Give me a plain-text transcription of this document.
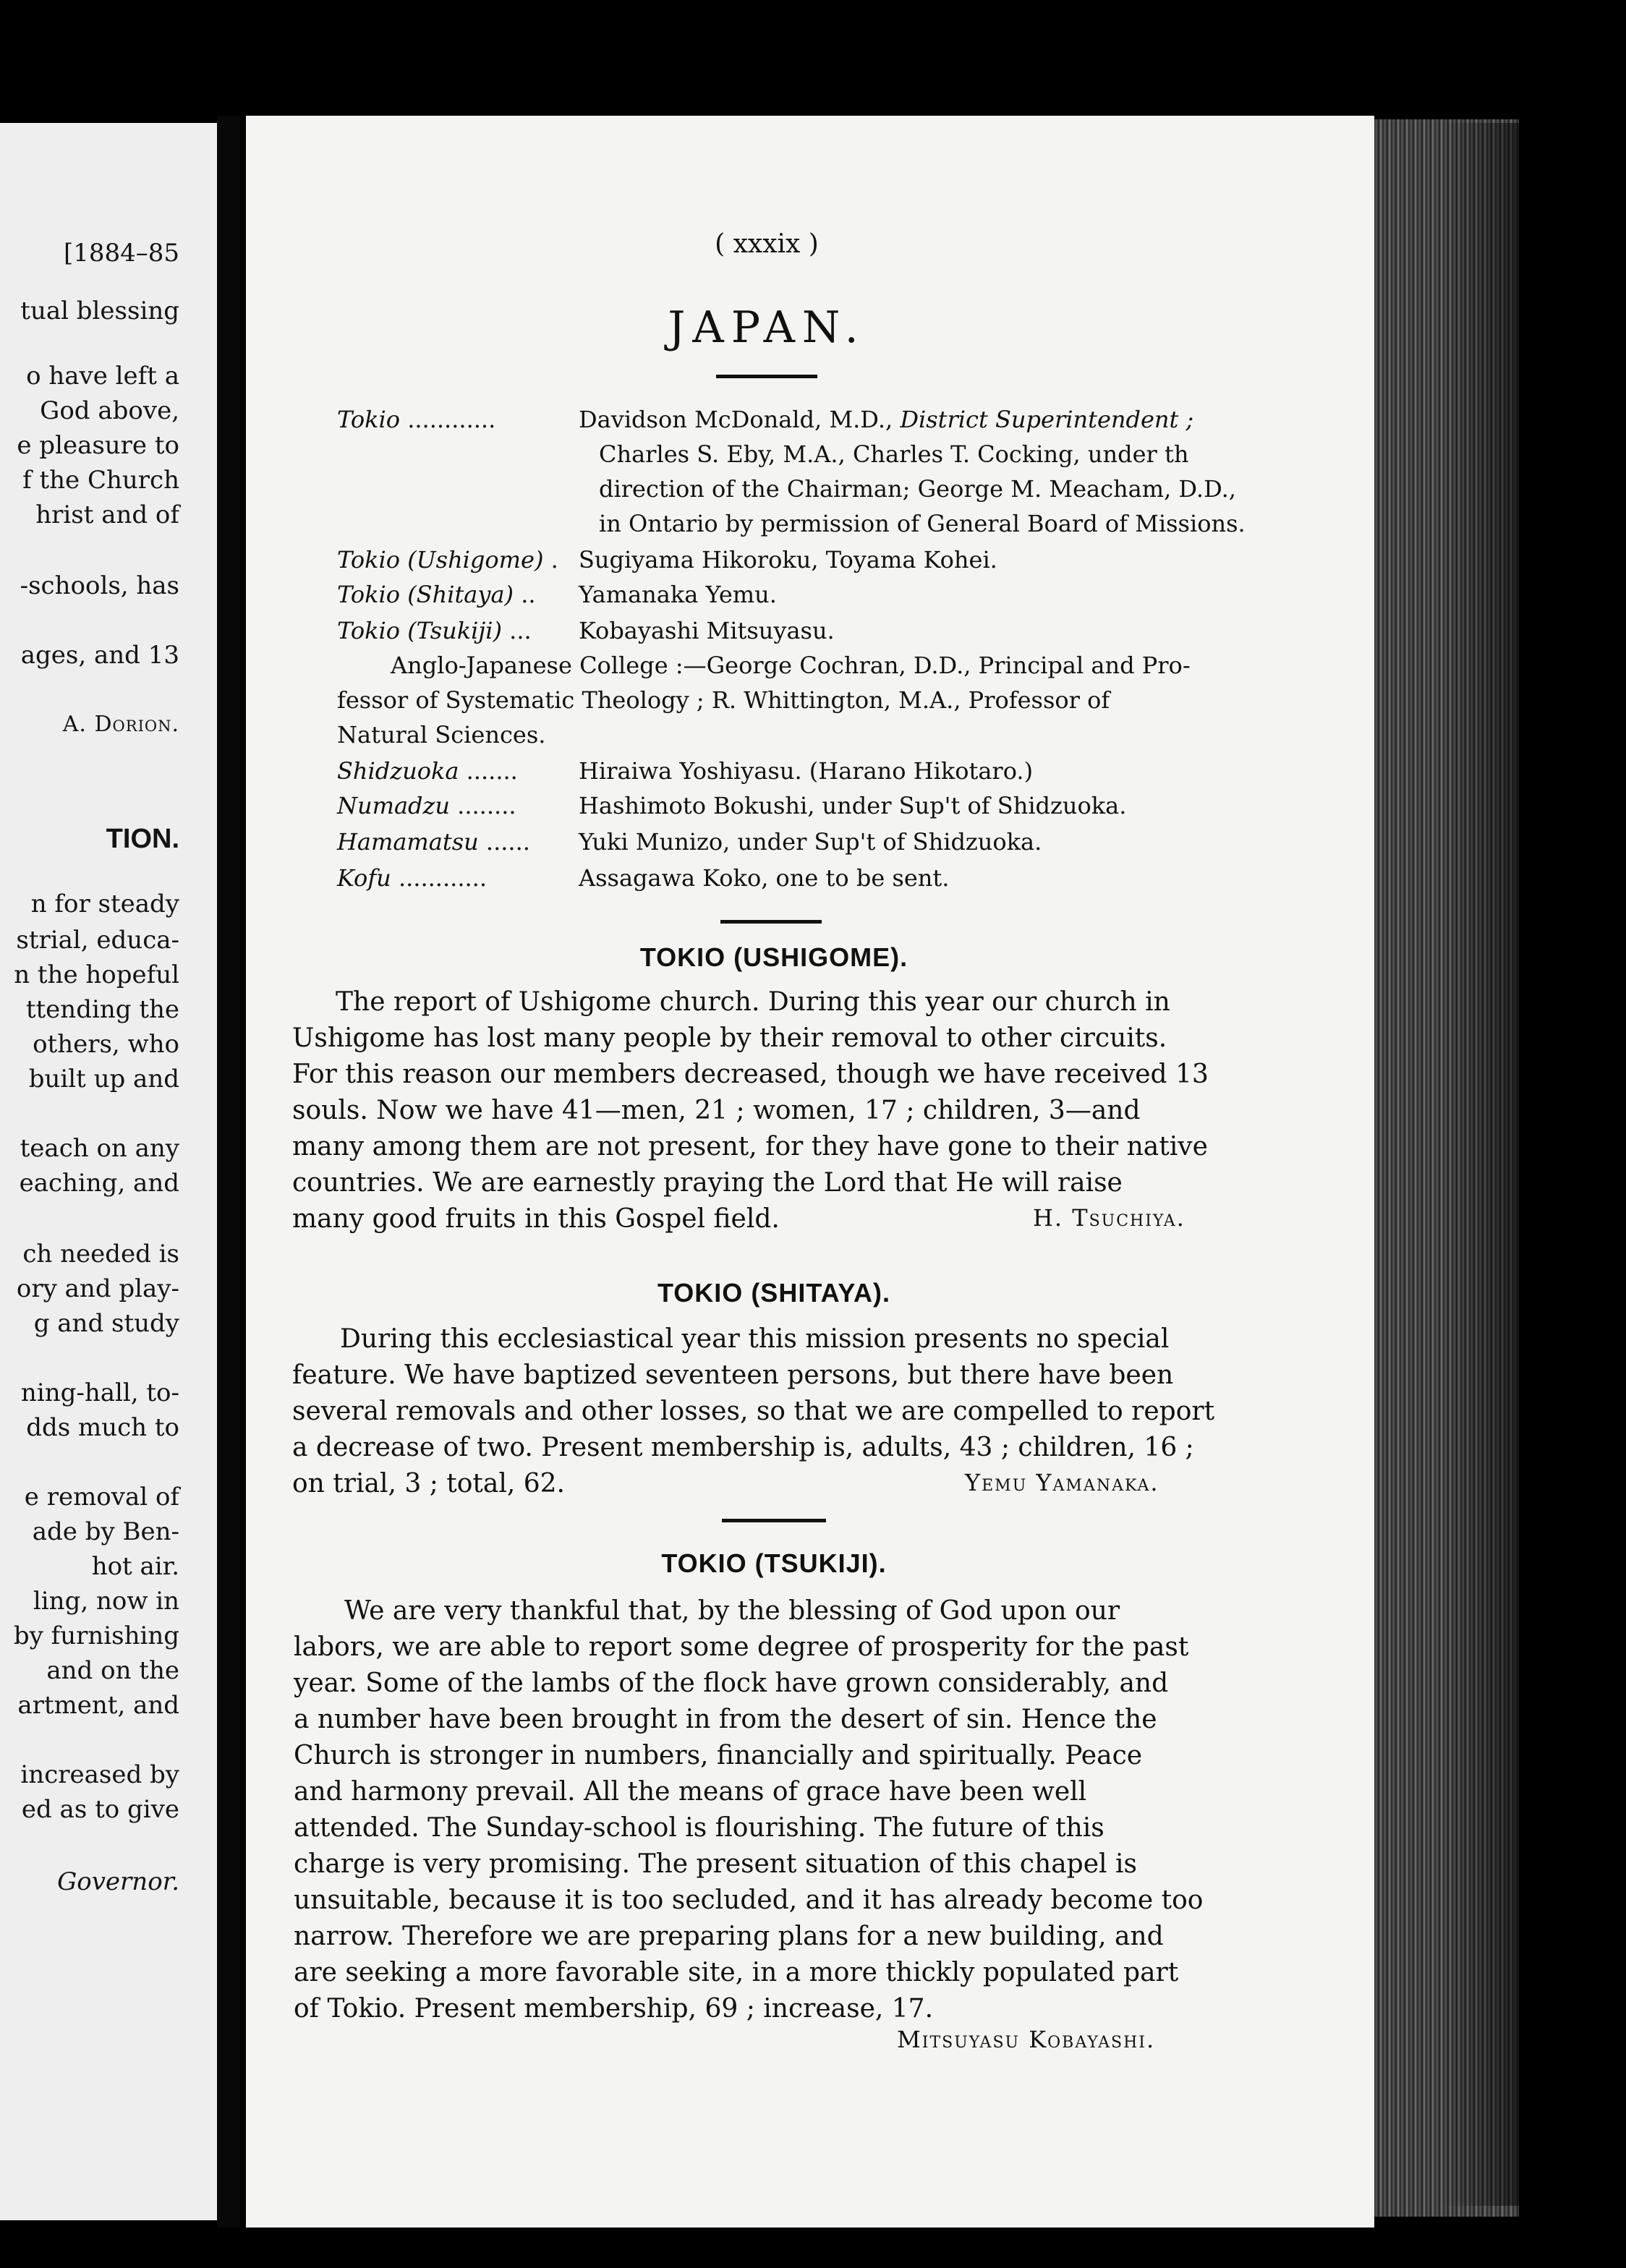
[1884–85
tual blessing
o have left a
God above,
e pleasure to
f the Church
hrist and of
-schools, has
ages, and 13
A. Dorion.
TION.
n for steady
strial, educa-
n the hopeful
ttending the
others, who
built up and
teach on any
eaching, and
ch needed is
ory and play-
g and study
ning-hall, to-
dds much to
e removal of
ade by Ben-
hot air.
ling, now in
by furnishing
and on the
artment, and
increased by
ed as to give
Governor.
( xxxix )
JAPAN.
Tokio ............	Davidson McDonald, M.D., District Superintendent ;
Charles S. Eby, M.A., Charles T. Cocking, under th
direction of the Chairman; George M. Meacham, D.D.,
in Ontario by permission of General Board of Missions.
Tokio (Ushigome) . Sugiyama Hikoroku, Toyama Kohei.
Tokio (Shitaya) .. Yamanaka Yemu.
Tokio (Tsukiji) ... Kobayashi Mitsuyasu.
Anglo-Japanese College :—George Cochran, D.D., Principal and Pro-
fessor of Systematic Theology ; R. Whittington, M.A., Professor of
Natural Sciences.
Shidzuoka .......	Hiraiwa Yoshiyasu. (Harano Hikotaro.)
Numadzu ........	Hashimoto Bokushi, under Sup't of Shidzuoka.
Hamamatsu ...... Yuki Munizo, under Sup't of Shidzuoka.
Kofu ............	Assagawa Koko, one to be sent.
TOKIO (USHIGOME).
The report of Ushigome church. During this year our church in
Ushigome has lost many people by their removal to other circuits.
For this reason our members decreased, though we have received 13
souls. Now we have 41—men, 21 ; women, 17 ; children, 3—and
many among them are not present, for they have gone to their native
countries. We are earnestly praying the Lord that He will raise
many good fruits in this Gospel field.	H. Tsuchiya.
TOKIO (SHITAYA).
During this ecclesiastical year this mission presents no special
feature. We have baptized seventeen persons, but there have been
several removals and other losses, so that we are compelled to report
a decrease of two. Present membership is, adults, 43 ; children, 16 ;
on trial, 3 ; total, 62.	Yemu Yamanaka.
TOKIO (TSUKIJI).
We are very thankful that, by the blessing of God upon our
labors, we are able to report some degree of prosperity for the past
year. Some of the lambs of the flock have grown considerably, and
a number have been brought in from the desert of sin. Hence the
Church is stronger in numbers, financially and spiritually. Peace
and harmony prevail. All the means of grace have been well
attended. The Sunday-school is flourishing. The future of this
charge is very promising. The present situation of this chapel is
unsuitable, because it is too secluded, and it has already become too
narrow. Therefore we are preparing plans for a new building, and
are seeking a more favorable site, in a more thickly populated part
of Tokio. Present membership, 69 ; increase, 17.
Mitsuyasu Kobayashi.
